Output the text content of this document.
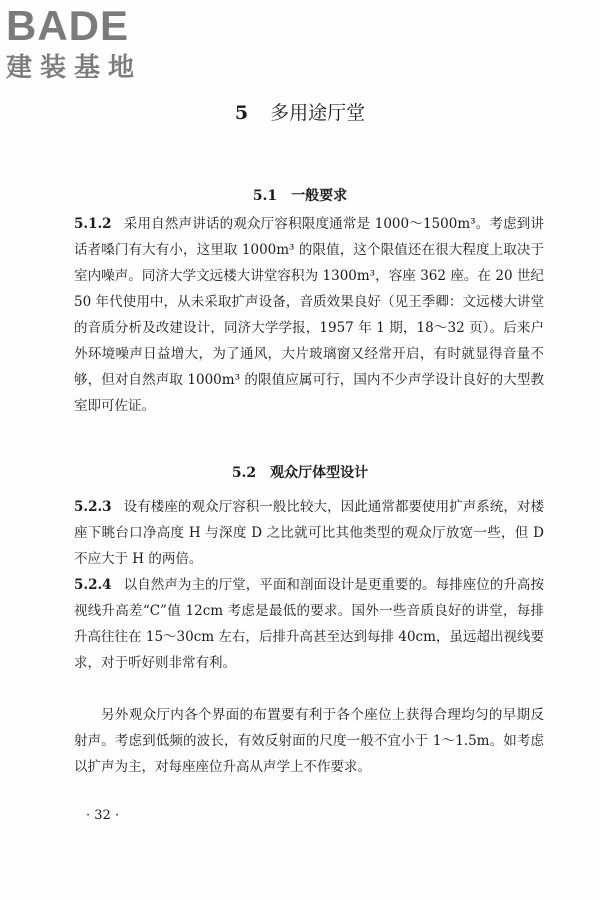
BADE
建装基地
5 多用途厅堂
5.1 一般要求

5.1.2 采用自然声讲话的观众厅容积限度通常是 1000～1500m³。考虑到讲话者嗓门有大有小，这里取 1000m³ 的限值，这个限值还在很大程度上取决于室内噪声。同济大学文远楼大讲堂容积为 1300m³，容座 362 座。在 20 世纪 50 年代使用中，从未采取扩声设备，音质效果良好（见王季卿：文远楼大讲堂的音质分析及改建设计，同济大学学报，1957 年 1 期，18～32 页）。后来户外环境噪声日益增大，为了通风，大片玻璃窗又经常开启，有时就显得音量不够，但对自然声取 1000m³ 的限值应属可行，国内不少声学设计良好的大型教室即可佐证。

5.2 观众厅体型设计

5.2.3 设有楼座的观众厅容积一般比较大，因此通常都要使用扩声系统，对楼座下眺台口净高度 H 与深度 D 之比就可比其他类型的观众厅放宽一些，但 D 不应大于 H 的两倍。

5.2.4 以自然声为主的厅堂，平面和剖面设计是更重要的。每排座位的升高按视线升高差“C”值 12cm 考虑是最低的要求。国外一些音质良好的讲堂，每排升高往往在 15～30cm 左右，后排升高甚至达到每排 40cm，虽远超出视线要求，对于听好则非常有利。

另外观众厅内各个界面的布置要有利于各个座位上获得合理均匀的早期反射声。考虑到低频的波长，有效反射面的尺度一般不宜小于 1～1.5m。如考虑以扩声为主，对每座座位升高从声学上不作要求。

· 32 ·
